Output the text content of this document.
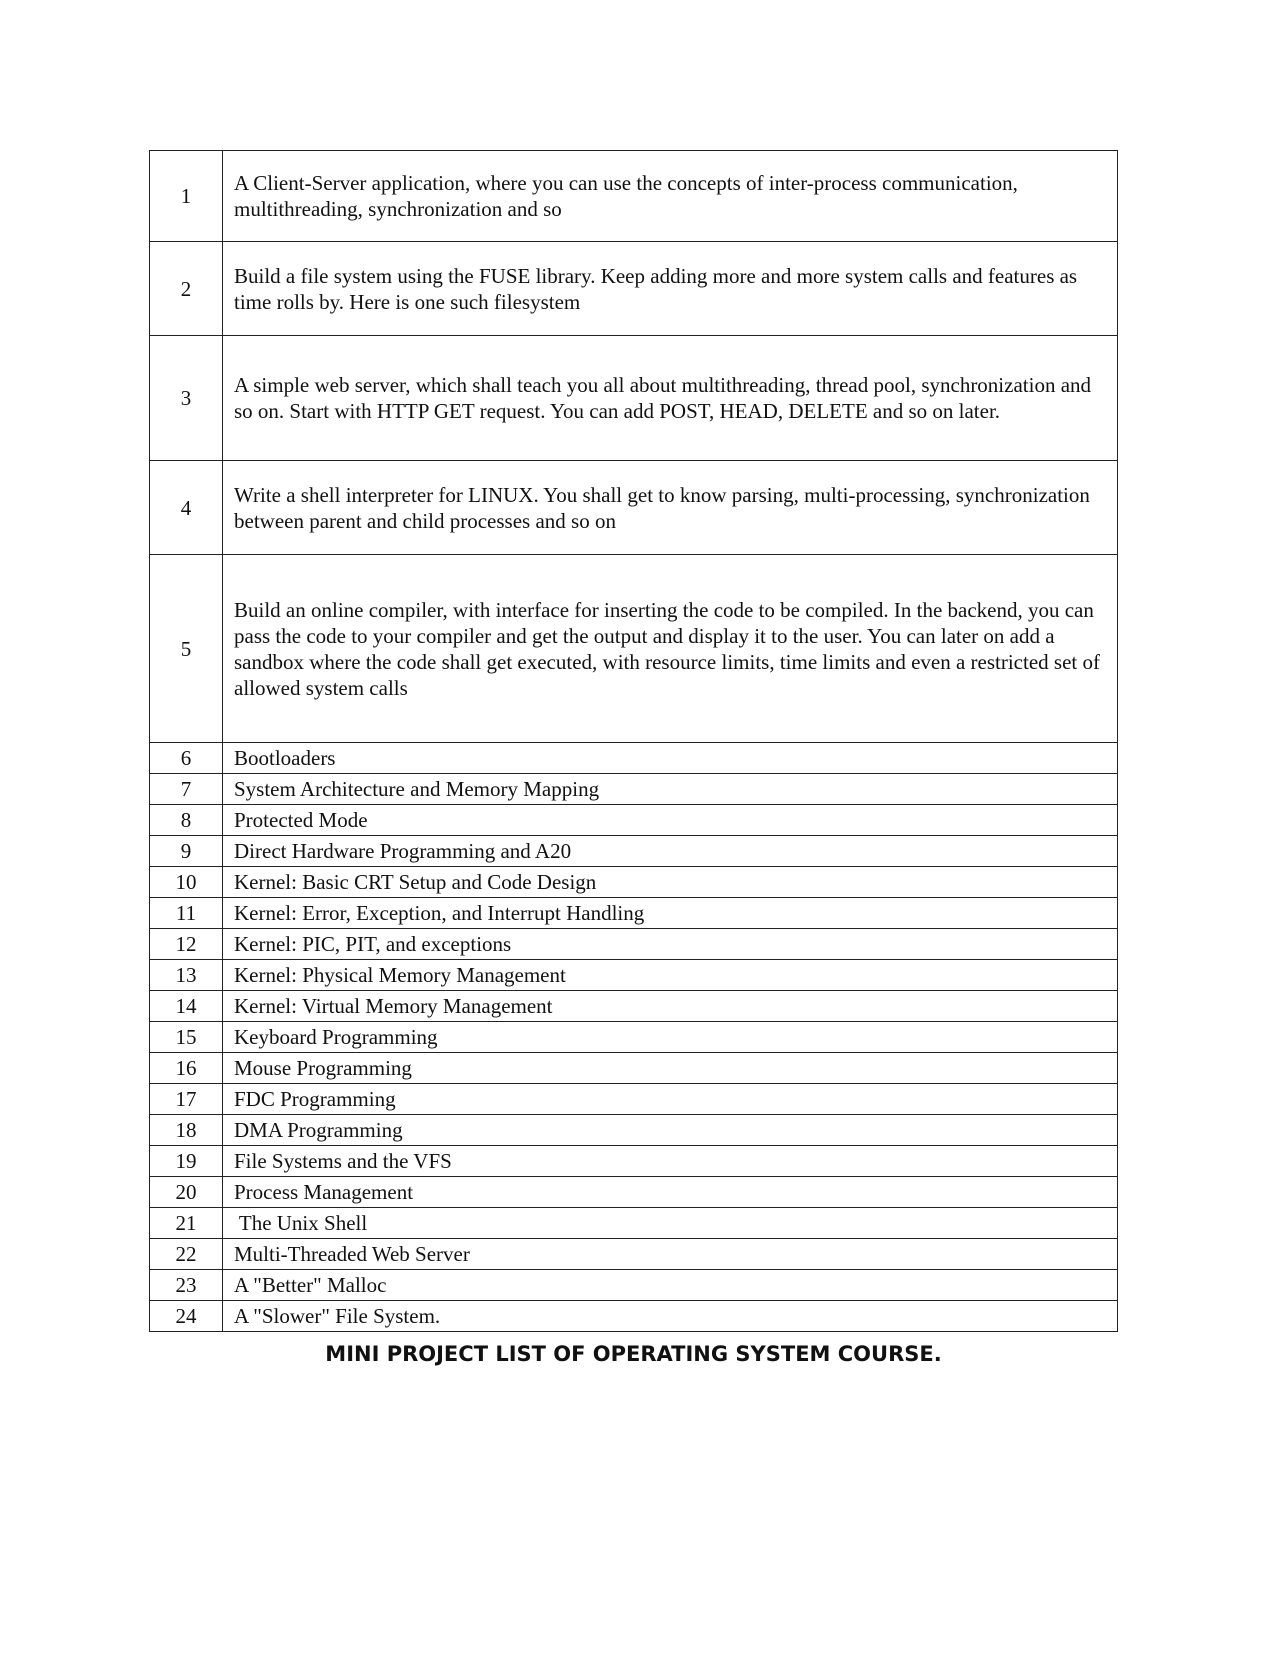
1	A Client-Server application, where you can use the concepts of inter-process communication, multithreading, synchronization and so
2	Build a file system using the FUSE library. Keep adding more and more system calls and features as time rolls by. Here is one such filesystem
3	A simple web server, which shall teach you all about multithreading, thread pool, synchronization and so on. Start with HTTP GET request. You can add POST, HEAD, DELETE and so on later.
4	Write a shell interpreter for LINUX. You shall get to know parsing, multi-processing, synchronization between parent and child processes and so on
5	Build an online compiler, with interface for inserting the code to be compiled. In the backend, you can pass the code to your compiler and get the output and display it to the user. You can later on add a sandbox where the code shall get executed, with resource limits, time limits and even a restricted set of allowed system calls
6	Bootloaders
7	System Architecture and Memory Mapping
8	Protected Mode
9	Direct Hardware Programming and A20
10	Kernel: Basic CRT Setup and Code Design
11	Kernel: Error, Exception, and Interrupt Handling
12	Kernel: PIC, PIT, and exceptions
13	Kernel: Physical Memory Management
14	Kernel: Virtual Memory Management
15	Keyboard Programming
16	Mouse Programming
17	FDC Programming
18	DMA Programming
19	File Systems and the VFS
20	Process Management
21	The Unix Shell
22	Multi-Threaded Web Server
23	A "Better" Malloc
24	A "Slower" File System.
MINI PROJECT LIST OF OPERATING SYSTEM COURSE.
